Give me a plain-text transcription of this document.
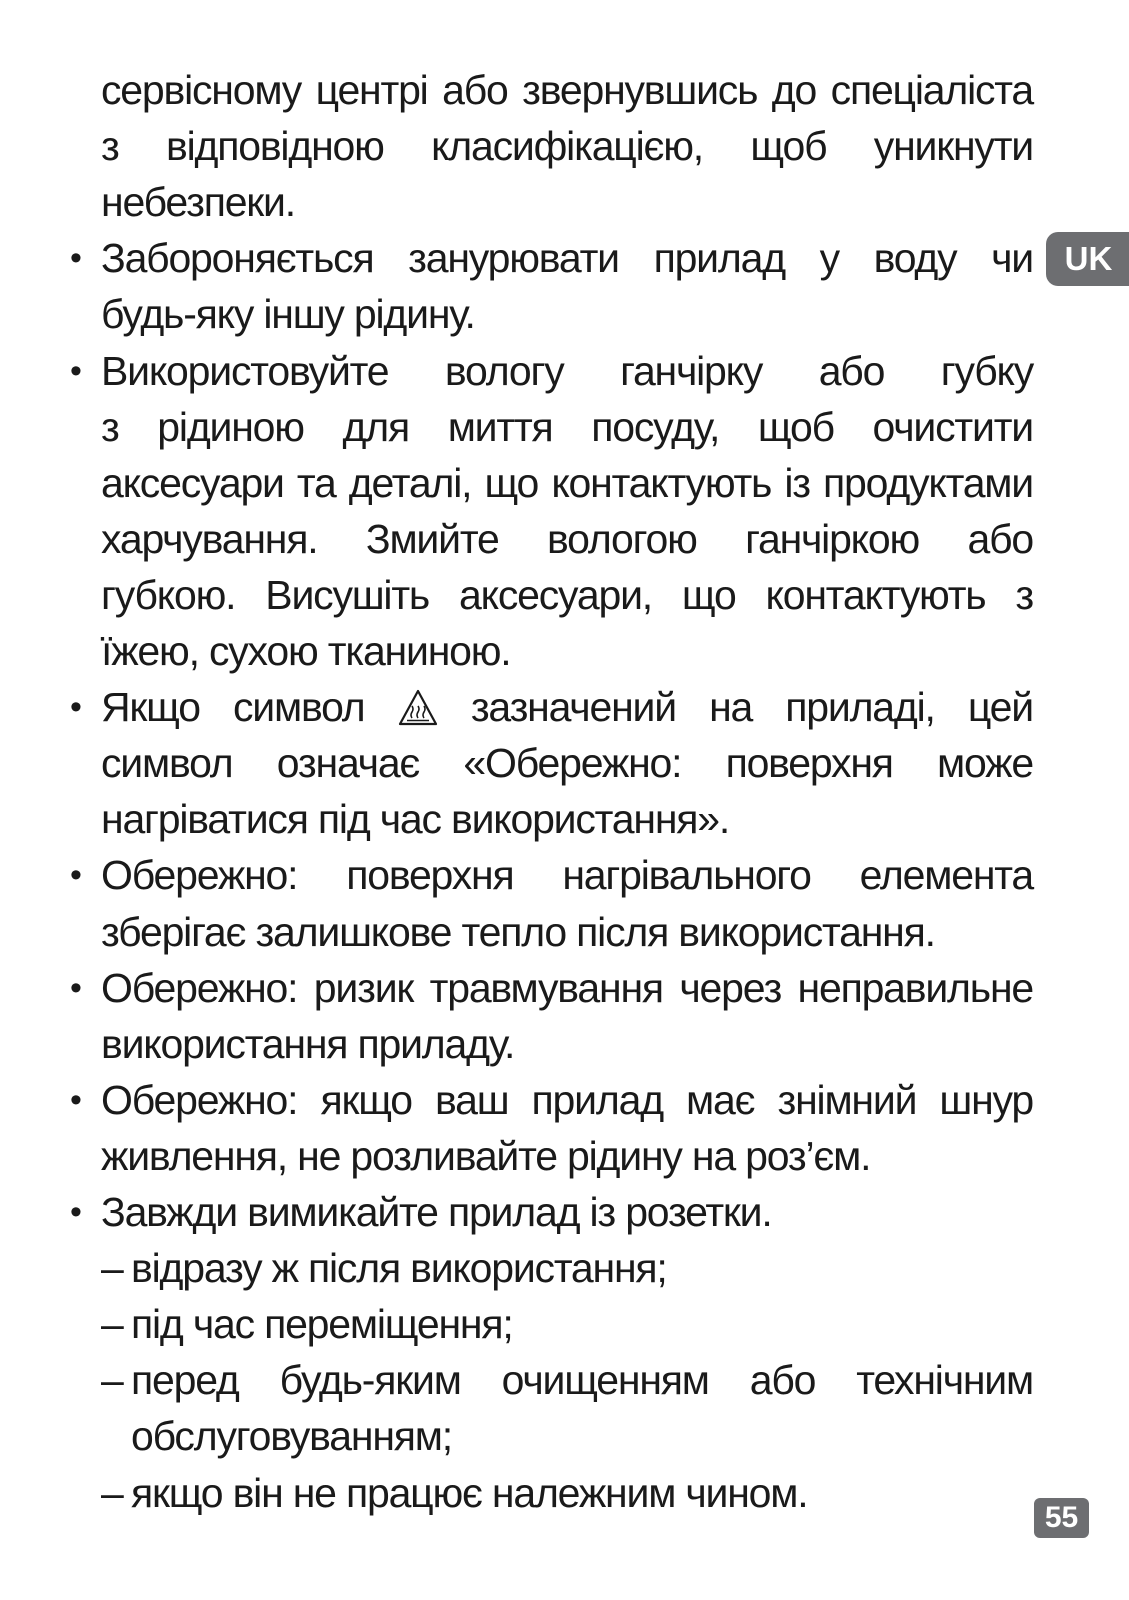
сервісному центрі або звернувшись до спеціаліста
з відповідною класифікацією, щоб уникнути
небезпеки.
• Забороняється занурювати прилад у воду чи
будь-яку іншу рідину.
• Використовуйте вологу ганчірку або губку
з рідиною для миття посуду, щоб очистити
аксесуари та деталі, що контактують із продуктами
харчування. Змийте вологою ганчіркою або
губкою. Висушіть аксесуари, що контактують з
їжею, сухою тканиною.
• Якщо символ	зазначений на приладі, цей
символ означає «Обережно: поверхня може
нагріватися під час використання».
• Обережно: поверхня нагрівального елемента
зберігає залишкове тепло після використання.
• Обережно: ризик травмування через неправильне
використання приладу.
• Обережно: якщо ваш прилад має знімний шнур
живлення, не розливайте рідину на роз’єм.
• Завжди вимикайте прилад із розетки.
– відразу ж після використання;
– під час переміщення;
– перед будь-яким очищенням або технічним
обслуговуванням;
– якщо він не працює належним чином.
UK
55
